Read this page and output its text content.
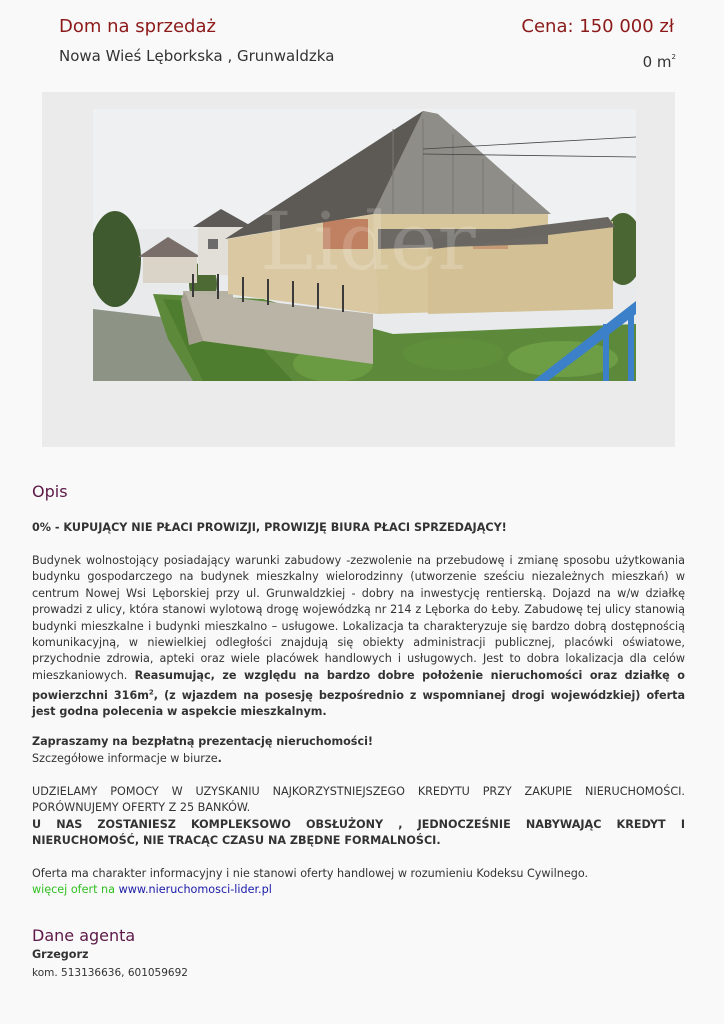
Dom na sprzedaż	Cena: 150 000 zł
Nowa Wieś Lęborkska , Grunwaldzka	0 $m^2$
Lider
Opis
0% - KUPUJĄCY NIE PŁACI PROWIZJI, PROWIZJĘ BIURA PŁACI SPRZEDAJĄCY!
Budynek wolnostojący posiadający warunki zabudowy -zezwolenie na przebudowę i zmianę sposobu użytkowania budynku gospodarczego na budynek mieszkalny wielorodzinny (utworzenie sześciu niezależnych mieszkań) w centrum Nowej Wsi Lęborskiej przy ul. Grunwaldzkiej - dobry na inwestycję rentierską. Dojazd na w/w działkę prowadzi z ulicy, która stanowi wylotową drogę wojewódzką nr 214 z Lęborka do Łeby. Zabudowę tej ulicy stanowią budynki mieszkalne i budynki mieszkalno – usługowe. Lokalizacja ta charakteryzuje się bardzo dobrą dostępnością komunikacyjną, w niewielkiej odległości znajdują się obiekty administracji publicznej, placówki oświatowe, przychodnie zdrowia, apteki oraz wiele placówek handlowych i usługowych. Jest to dobra lokalizacja dla celów mieszkaniowych. Reasumując, ze względu na bardzo dobre położenie nieruchomości oraz działkę o powierzchni $316m^2$, (z wjazdem na posesję bezpośrednio z wspomnianej drogi wojewódzkiej) oferta jest godna polecenia w aspekcie mieszkalnym.
Zapraszamy na bezpłatną prezentację nieruchomości!
Szczegółowe informacje w biurze.
UDZIELAMY POMOCY W UZYSKANIU NAJKORZYSTNIEJSZEGO KREDYTU PRZY ZAKUPIE NIERUCHOMOŚCI. PORÓWNUJEMY OFERTY Z 25 BANKÓW.
U NAS ZOSTANIESZ KOMPLEKSOWO OBSŁUŻONY , JEDNOCZEŚNIE NABYWAJĄC KREDYT I NIERUCHOMOŚĆ, NIE TRACĄC CZASU NA ZBĘDNE FORMALNOŚCI.
Oferta ma charakter informacyjny i nie stanowi oferty handlowej w rozumieniu Kodeksu Cywilnego.
więcej ofert na www.nieruchomosci-lider.pl
Dane agenta
Grzegorz
kom. 513136636, 601059692
